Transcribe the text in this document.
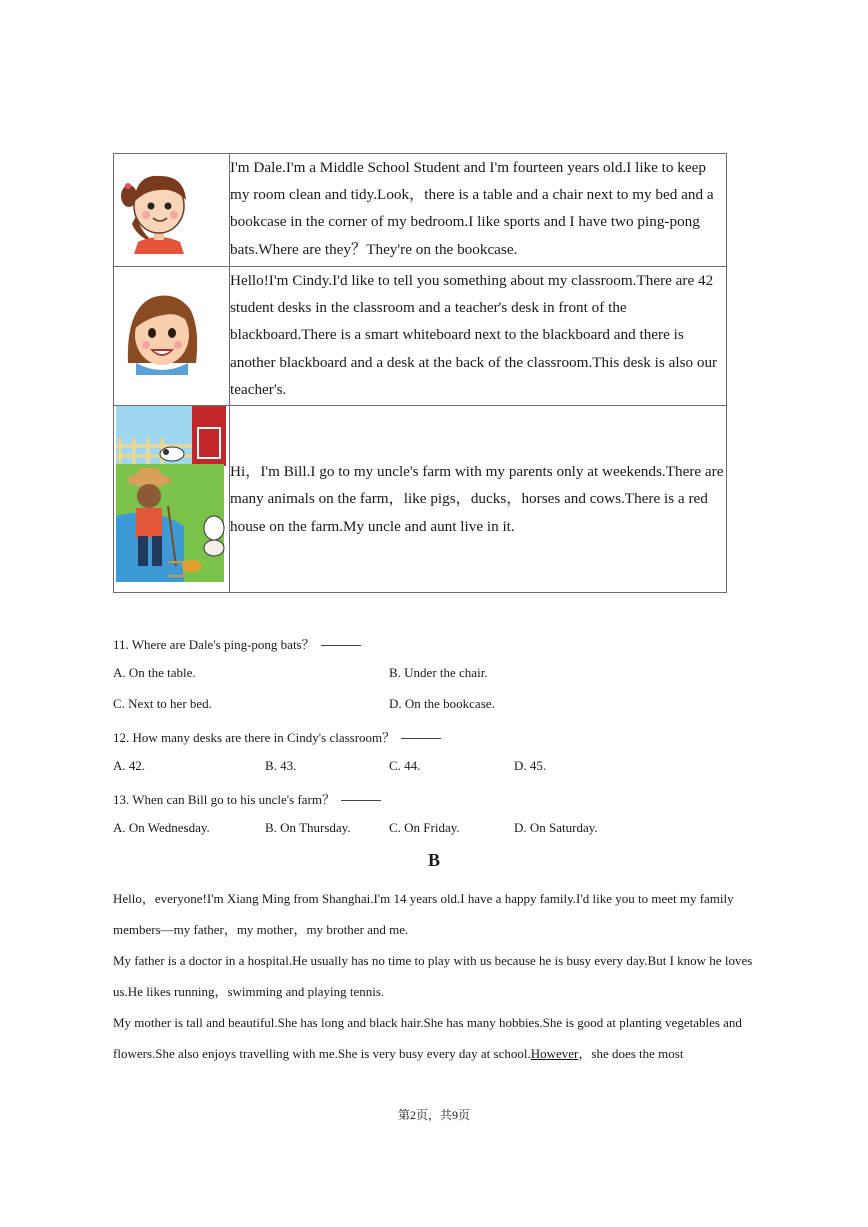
	I'm Dale.I'm a Middle School Student and I'm fourteen years old.I like to keep my room clean and tidy.Look，there is a table and a chair next to my bed and a bookcase in the corner of my bedroom.I like sports and I have two ping-pong bats.Where are they？They're on the bookcase.

	Hello!I'm Cindy.I'd like to tell you something about my classroom.There are 42 student desks in the classroom and a teacher's desk in front of the blackboard.There is a smart whiteboard next to the blackboard and there is another blackboard and a desk at the back of the classroom.This desk is also our teacher's.

	Hi，I'm Bill.I go to my uncle's farm with my parents only at weekends.There are many animals on the farm，like pigs，ducks，horses and cows.There is a red house on the farm.My uncle and aunt live in it.
11. Where are Dale's ping-pong bats？
A. On the table.	B. Under the chair.
C. Next to her bed.	D. On the bookcase.
12. How many desks are there in Cindy's classroom？
A. 42.	B. 43.	C. 44.	D. 45.
13. When can Bill go to his uncle's farm？
A. On Wednesday.	B. On Thursday.	C. On Friday.	D. On Saturday.
B
Hello，everyone!I'm Xiang Ming from Shanghai.I'm 14 years old.I have a happy family.I'd like you to meet my family members—my father，my mother，my brother and me.
My father is a doctor in a hospital.He usually has no time to play with us because he is busy every day.But I know he loves us.He likes running，swimming and playing tennis.
My mother is tall and beautiful.She has long and black hair.She has many hobbies.She is good at planting vegetables and flowers.She also enjoys travelling with me.She is very busy every day at school.However，she does the most
第2页，共9页
